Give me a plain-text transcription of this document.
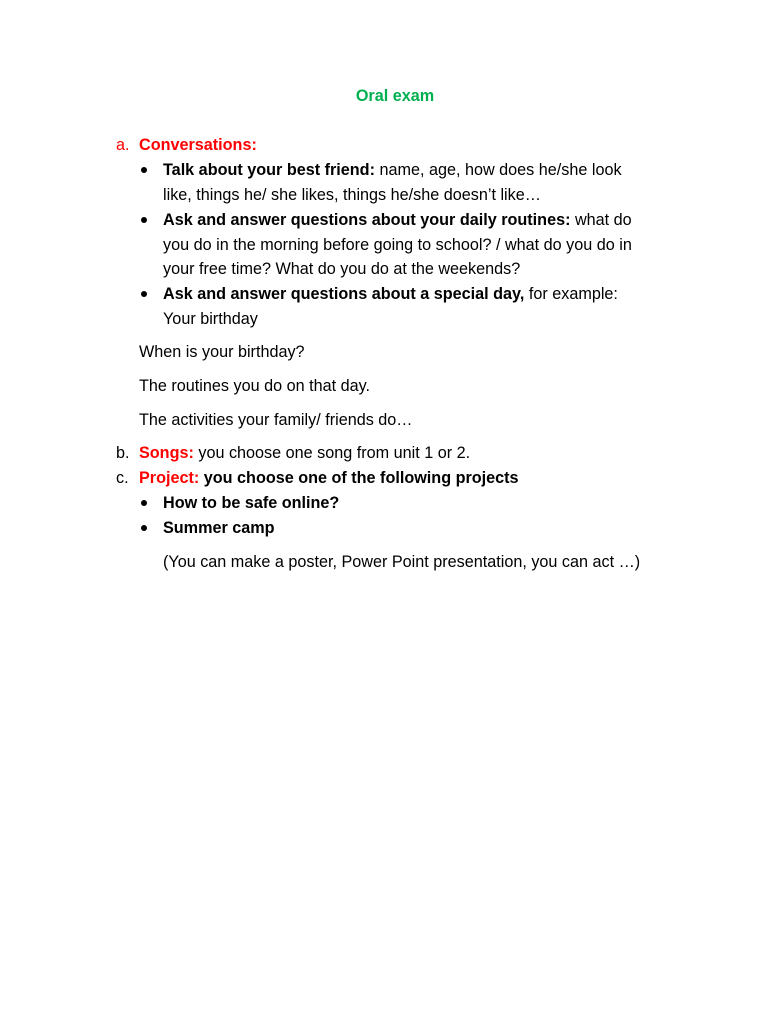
Oral exam
a. Conversations:
Talk about your best friend: name, age, how does he/she look
like, things he/ she likes, things he/she doesn’t like…
Ask and answer questions about your daily routines: what do
you do in the morning before going to school? / what do you do in
your free time? What do you do at the weekends?
Ask and answer questions about a special day, for example:
Your birthday
When is your birthday?
The routines you do on that day.
The activities your family/ friends do…
b. Songs: you choose one song from unit 1 or 2.
c. Project: you choose one of the following projects
How to be safe online?
Summer camp
(You can make a poster, Power Point presentation, you can act …)
